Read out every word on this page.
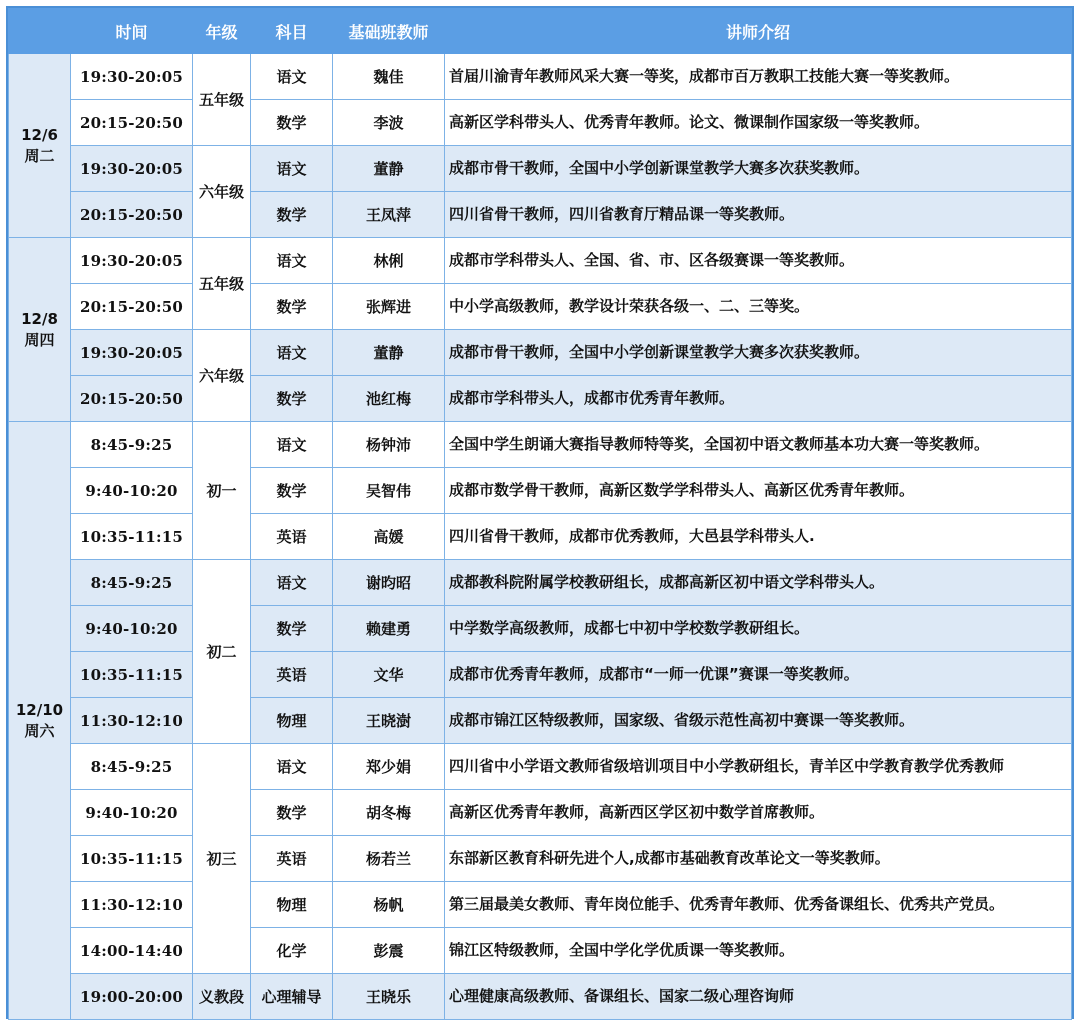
	时间	年级	科目	基础班教师	讲师介绍

12/6
周二	19:30-20:05	五年级	语文	魏佳	首届川渝青年教师风采大赛一等奖，成都市百万教职工技能大赛一等奖教师。
	20:15-20:50		数学	李波	高新区学科带头人、优秀青年教师。论文、微课制作国家级一等奖教师。
	19:30-20:05	六年级	语文	董静	成都市骨干教师，全国中小学创新课堂教学大赛多次获奖教师。
	20:15-20:50		数学	王凤萍	四川省骨干教师，四川省教育厅精品课一等奖教师。

12/8
周四	19:30-20:05	五年级	语文	林俐	成都市学科带头人、全国、省、市、区各级赛课一等奖教师。
	20:15-20:50		数学	张辉进	中小学高级教师，教学设计荣获各级一、二、三等奖。
	19:30-20:05	六年级	语文	董静	成都市骨干教师，全国中小学创新课堂教学大赛多次获奖教师。
	20:15-20:50		数学	池红梅	成都市学科带头人，成都市优秀青年教师。

12/10
周六	8:45-9:25	初一	语文	杨钟沛	全国中学生朗诵大赛指导教师特等奖，全国初中语文教师基本功大赛一等奖教师。
	9:40-10:20		数学	吴智伟	成都市数学骨干教师，高新区数学学科带头人、高新区优秀青年教师。
	10:35-11:15		英语	高媛	四川省骨干教师，成都市优秀教师，大邑县学科带头人.
	8:45-9:25	初二	语文	谢昀昭	成都教科院附属学校教研组长，成都高新区初中语文学科带头人。
	9:40-10:20		数学	赖建勇	中学数学高级教师，成都七中初中学校数学教研组长。
	10:35-11:15		英语	文华	成都市优秀青年教师，成都市“一师一优课”赛课一等奖教师。
	11:30-12:10		物理	王晓澍	成都市锦江区特级教师，国家级、省级示范性高初中赛课一等奖教师。
	8:45-9:25	初三	语文	郑少娟	四川省中小学语文教师省级培训项目中小学教研组长，青羊区中学教育教学优秀教师
	9:40-10:20		数学	胡冬梅	高新区优秀青年教师，高新西区学区初中数学首席教师。
	10:35-11:15		英语	杨若兰	东部新区教育科研先进个人,成都市基础教育改革论文一等奖教师。
	11:30-12:10		物理	杨帆	第三届最美女教师、青年岗位能手、优秀青年教师、优秀备课组长、优秀共产党员。
	14:00-14:40		化学	彭震	锦江区特级教师，全国中学化学优质课一等奖教师。
	19:00-20:00	义教段	心理辅导	王晓乐	心理健康高级教师、备课组长、国家二级心理咨询师
